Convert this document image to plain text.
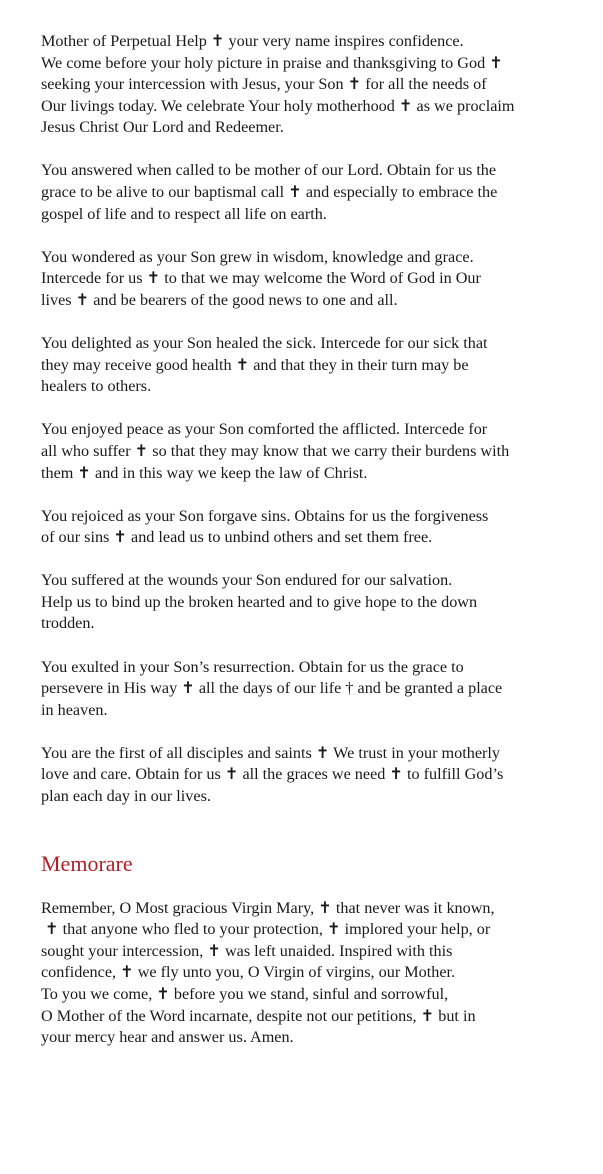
Mother of Perpetual Help ✝ your very name inspires confidence.
We come before your holy picture in praise and thanksgiving to God ✝
seeking your intercession with Jesus, your Son ✝ for all the needs of
Our livings today. We celebrate Your holy motherhood ✝ as we proclaim
Jesus Christ Our Lord and Redeemer.

You answered when called to be mother of our Lord. Obtain for us the
grace to be alive to our baptismal call ✝ and especially to embrace the
gospel of life and to respect all life on earth.

You wondered as your Son grew in wisdom, knowledge and grace.
Intercede for us ✝ to that we may welcome the Word of God in Our
lives ✝ and be bearers of the good news to one and all.

You delighted as your Son healed the sick. Intercede for our sick that
they may receive good health ✝ and that they in their turn may be
healers to others.

You enjoyed peace as your Son comforted the afflicted. Intercede for
all who suffer ✝ so that they may know that we carry their burdens with
them ✝ and in this way we keep the law of Christ.

You rejoiced as your Son forgave sins. Obtains for us the forgiveness
of our sins ✝ and lead us to unbind others and set them free.

You suffered at the wounds your Son endured for our salvation.
Help us to bind up the broken hearted and to give hope to the down
trodden.

You exulted in your Son’s resurrection. Obtain for us the grace to
persevere in His way ✝ all the days of our life † and be granted a place
in heaven.

You are the first of all disciples and saints ✝ We trust in your motherly
love and care. Obtain for us ✝ all the graces we need ✝ to fulfill God’s
plan each day in our lives.

Memorare

Remember, O Most gracious Virgin Mary, ✝ that never was it known,
✝ that anyone who fled to your protection, ✝ implored your help, or
sought your intercession, ✝ was left unaided. Inspired with this
confidence, ✝ we fly unto you, O Virgin of virgins, our Mother.
To you we come, ✝ before you we stand, sinful and sorrowful,
O Mother of the Word incarnate, despite not our petitions, ✝ but in
your mercy hear and answer us. Amen.
